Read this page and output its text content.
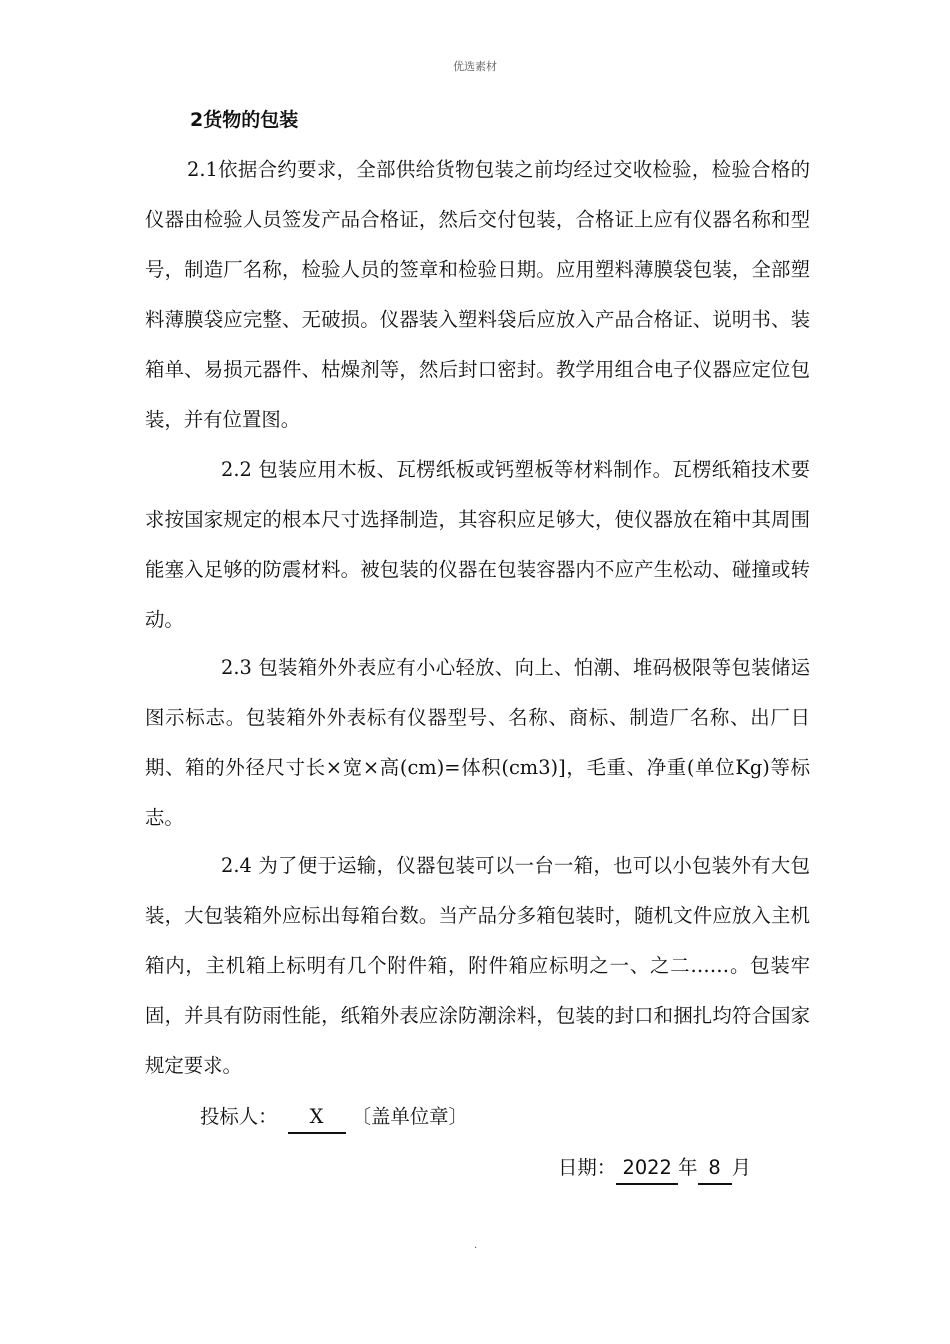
优选素材
2货物的包装

2.1依据合约要求，全部供给货物包装之前均经过交收检验，检验合格的仪器由检验人员签发产品合格证，然后交付包装，合格证上应有仪器名称和型号，制造厂名称，检验人员的签章和检验日期。应用塑料薄膜袋包装，全部塑料薄膜袋应完整、无破损。仪器装入塑料袋后应放入产品合格证、说明书、装箱单、易损元器件、枯燥剂等，然后封口密封。教学用组合电子仪器应定位包装，并有位置图。

2.2 包装应用木板、瓦楞纸板或钙塑板等材料制作。瓦楞纸箱技术要求按国家规定的根本尺寸选择制造，其容积应足够大，使仪器放在箱中其周围能塞入足够的防震材料。被包装的仪器在包装容器内不应产生松动、碰撞或转动。

2.3 包装箱外外表应有小心轻放、向上、怕潮、堆码极限等包装储运图示标志。包装箱外外表标有仪器型号、名称、商标、制造厂名称、出厂日期、箱的外径尺寸长×宽×高(cm)=体积(cm3)]，毛重、净重(单位Kg)等标志。

2.4 为了便于运输，仪器包装可以一台一箱，也可以小包装外有大包装，大包装箱外应标出每箱台数。当产品分多箱包装时，随机文件应放入主机箱内，主机箱上标明有几个附件箱，附件箱应标明之一、之二……。包装牢固，并具有防雨性能，纸箱外表应涂防潮涂料，包装的封口和捆扎均符合国家规定要求。

投标人： X 〔盖单位章〕
日期： 2022 年 8 月
.
